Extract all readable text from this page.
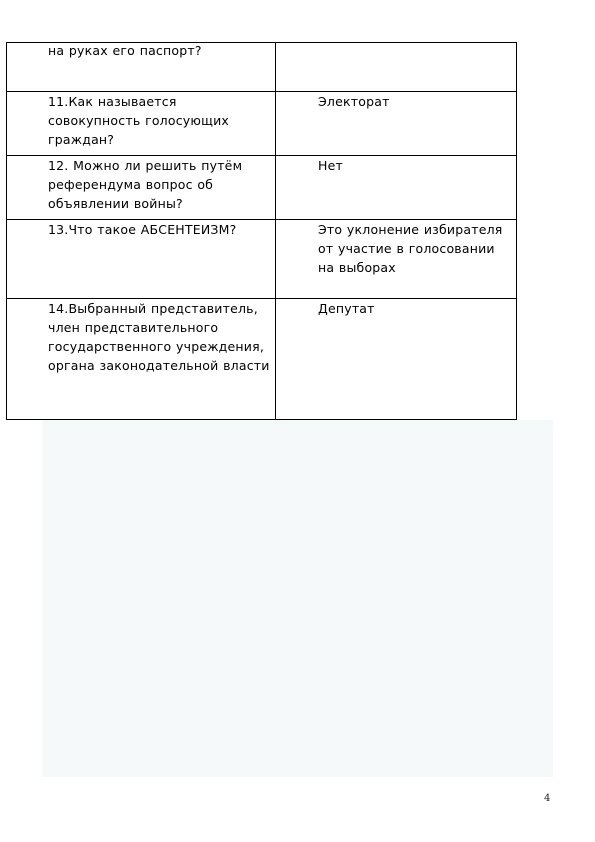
на руках его паспорт?	

11.Как называется совокупность голосующих граждан?	Электорат

12. Можно ли решить путём референдума вопрос об объявлении войны?	Нет

13.Что такое АБСЕНТЕИЗМ?	Это уклонение избирателя от участие в голосовании на выборах

14.Выбранный представитель, член представительного государственного учреждения, органа законодательной власти	Депутат
4
